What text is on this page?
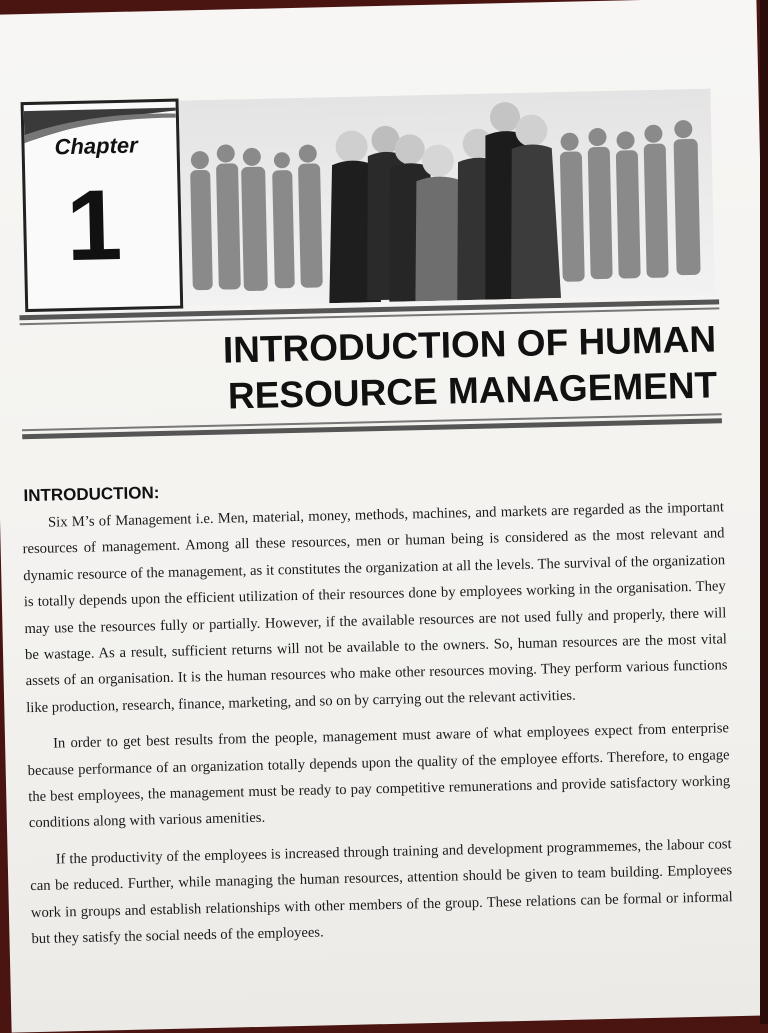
Chapter
1
INTRODUCTION OF HUMAN
RESOURCE MANAGEMENT
INTRODUCTION:

Six M’s of Management i.e. Men, material, money, methods, machines, and markets are regarded as the important resources of management. Among all these resources, men or human being is considered as the most relevant and dynamic resource of the management, as it constitutes the organization at all the levels. The survival of the organization is totally depends upon the efficient utilization of their resources done by employees working in the organisation. They may use the resources fully or partially. However, if the available resources are not used fully and properly, there will be wastage. As a result, sufficient returns will not be available to the owners. So, human resources are the most vital assets of an organisation. It is the human resources who make other resources moving. They perform various functions like production, research, finance, marketing, and so on by carrying out the relevant activities.

In order to get best results from the people, management must aware of what employees expect from enterprise because performance of an organization totally depends upon the quality of the employee efforts. Therefore, to engage the best employees, the management must be ready to pay competitive remunerations and provide satisfactory working conditions along with various amenities.

If the productivity of the employees is increased through training and development programmemes, the labour cost can be reduced. Further, while managing the human resources, attention should be given to team building. Employees work in groups and establish relationships with other members of the group. These relations can be formal or informal but they satisfy the social needs of the employees.
